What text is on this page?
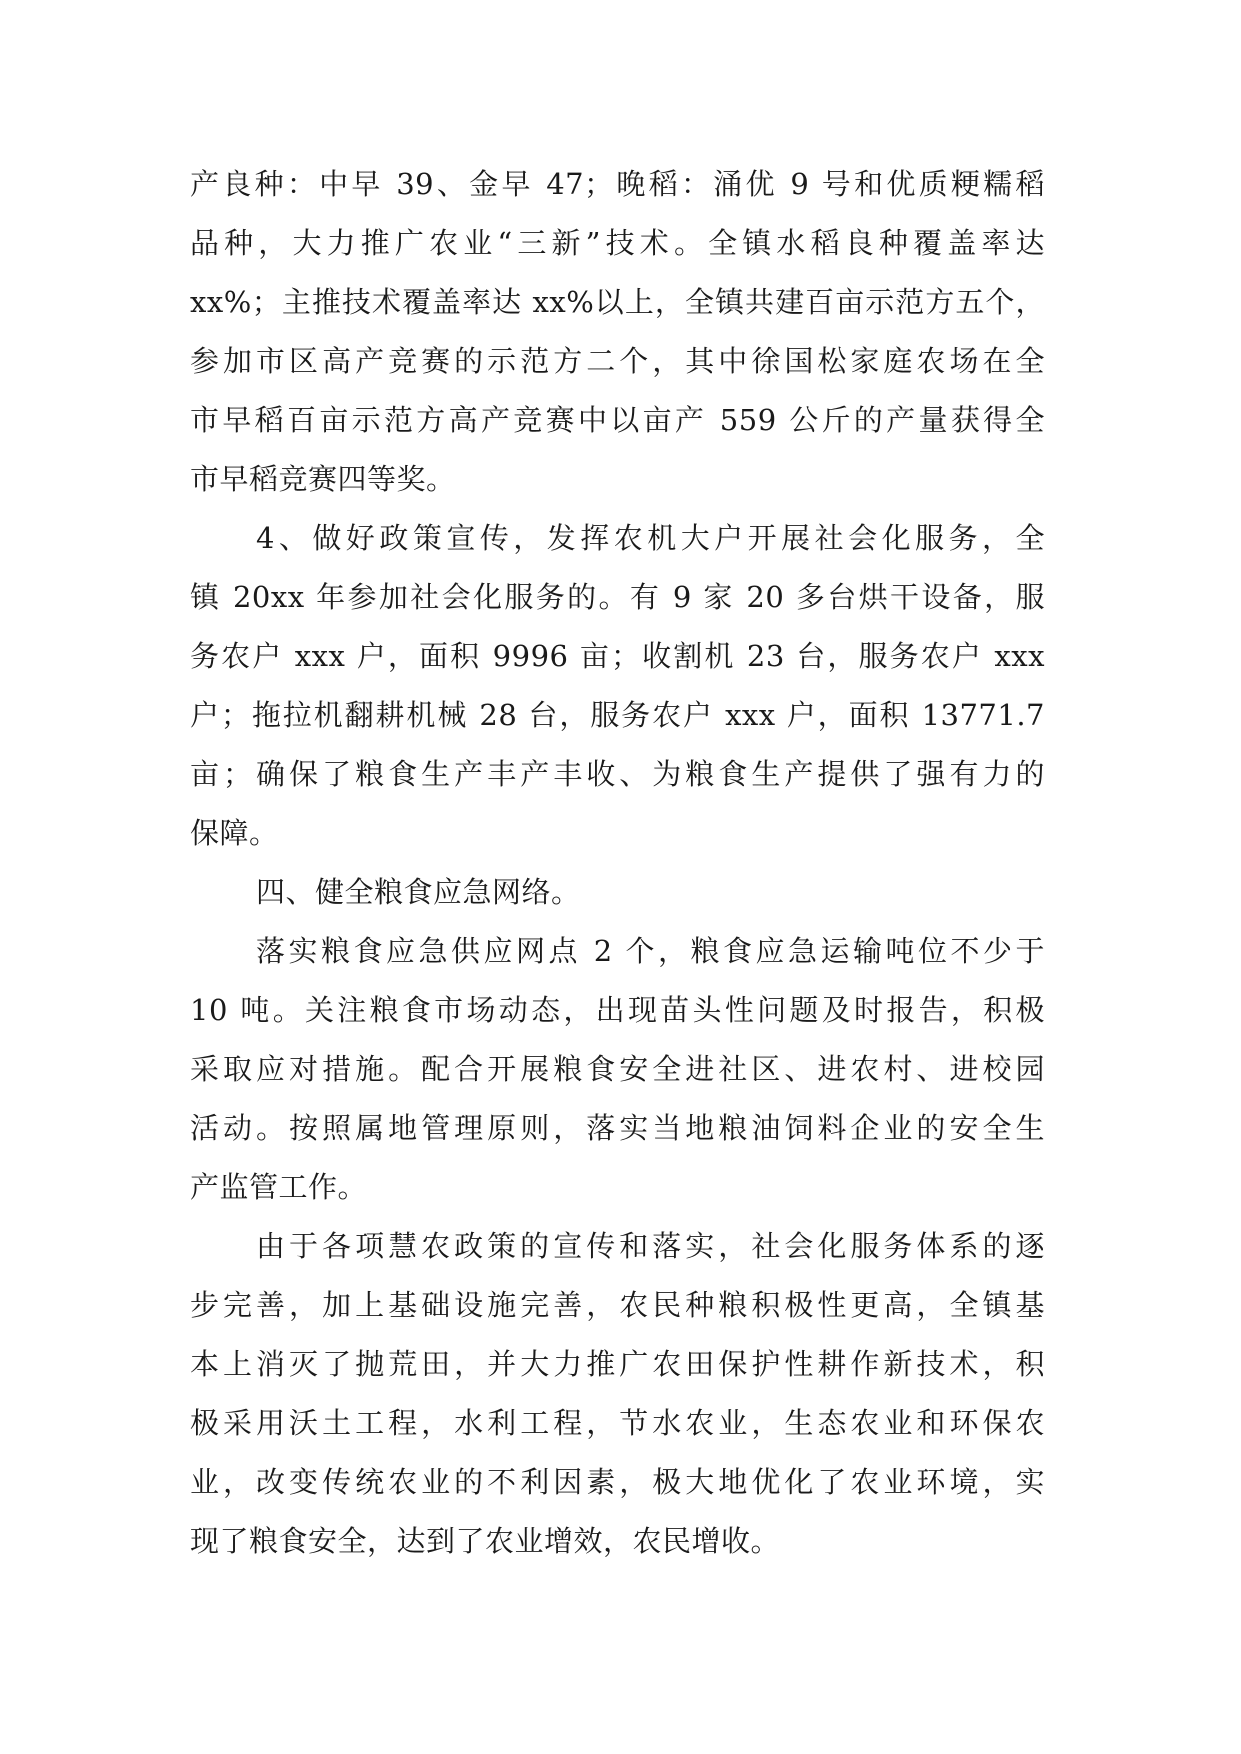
产良种：中早 39、金早 47；晚稻：涌优 9 号和优质粳糯稻
品种，大力推广农业“三新”技术。全镇水稻良种覆盖率达
xx%；主推技术覆盖率达 xx%以上，全镇共建百亩示范方五个，
参加市区高产竞赛的示范方二个，其中徐国松家庭农场在全
市早稻百亩示范方高产竞赛中以亩产 559 公斤的产量获得全
市早稻竞赛四等奖。
4、做好政策宣传，发挥农机大户开展社会化服务，全
镇 20xx 年参加社会化服务的。有 9 家 20 多台烘干设备，服
务农户 xxx 户，面积 9996 亩；收割机 23 台，服务农户 xxx
户；拖拉机翻耕机械 28 台，服务农户 xxx 户，面积 13771.7
亩；确保了粮食生产丰产丰收、为粮食生产提供了强有力的
保障。
四、健全粮食应急网络。
落实粮食应急供应网点 2 个，粮食应急运输吨位不少于
10 吨。关注粮食市场动态，出现苗头性问题及时报告，积极
采取应对措施。配合开展粮食安全进社区、进农村、进校园
活动。按照属地管理原则，落实当地粮油饲料企业的安全生
产监管工作。
由于各项慧农政策的宣传和落实，社会化服务体系的逐
步完善，加上基础设施完善，农民种粮积极性更高，全镇基
本上消灭了抛荒田，并大力推广农田保护性耕作新技术，积
极采用沃土工程，水利工程，节水农业，生态农业和环保农
业，改变传统农业的不利因素，极大地优化了农业环境，实
现了粮食安全，达到了农业增效，农民增收。
